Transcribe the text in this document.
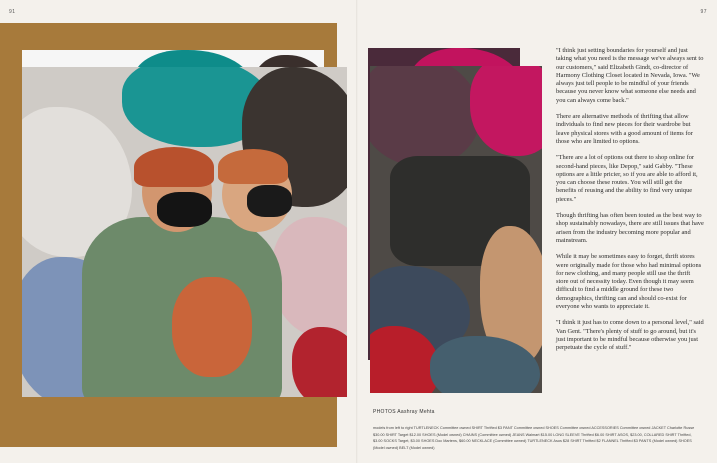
91	97
PHOTOS Aashray Mehta
models from left to right TURTLENECK Committee owned SHIRT Thrifted $3 PANT Committee owned SHOES Committee owned ACCESSORIES Committee owned JACKET Charlotte Russe $30.00 SHIRT Target $12.00 SHOES (Model owned) CHAINS (Committee owned) JEANS Walmart $15.00 LONG SLEEVE Thrifted $6.00 SHIRT ASOS, $23.00, COLLARED SHIRT Thrifted, $3.00 SOCKS Target, $3.00 SHOES Doc Martens, $60.00 NECKLACE (Committee owned) TURTLENECK Asos $28 SHIRT Thrifted $2 FLANNEL Thrifted $3 PANTS (Model owned) SHOES (Model owned) BELT (Model owned)

"I think just setting boundaries for yourself and just taking what you need is the message we've always sent to our customers," said Elizabeth Gindt, co-director of Harmony Clothing Closet located in Nevada, Iowa. "We always just tell people to be mindful of your friends because you never know what someone else needs and you can always come back."

There are alternative methods of thrifting that allow individuals to find new pieces for their wardrobe but leave physical stores with a good amount of items for those who are limited to options.

"There are a lot of options out there to shop online for second-hand pieces, like Depop," said Gabby. "These options are a little pricier, so if you are able to afford it, you can choose these routes. You will still get the benefits of reusing and the ability to find very unique pieces."

Though thrifting has often been touted as the best way to shop sustainably nowadays, there are still issues that have arisen from the industry becoming more popular and mainstream.

While it may be sometimes easy to forget, thrift stores were originally made for those who had minimal options for new clothing, and many people still use the thrift store out of necessity today. Even though it may seem difficult to find a middle ground for these two demographics, thrifting can and should co-exist for everyone who wants to appreciate it.

"I think it just has to come down to a personal level," said Van Gent. "There's plenty of stuff to go around, but it's just important to be mindful because otherwise you just perpetuate the cycle of stuff."
